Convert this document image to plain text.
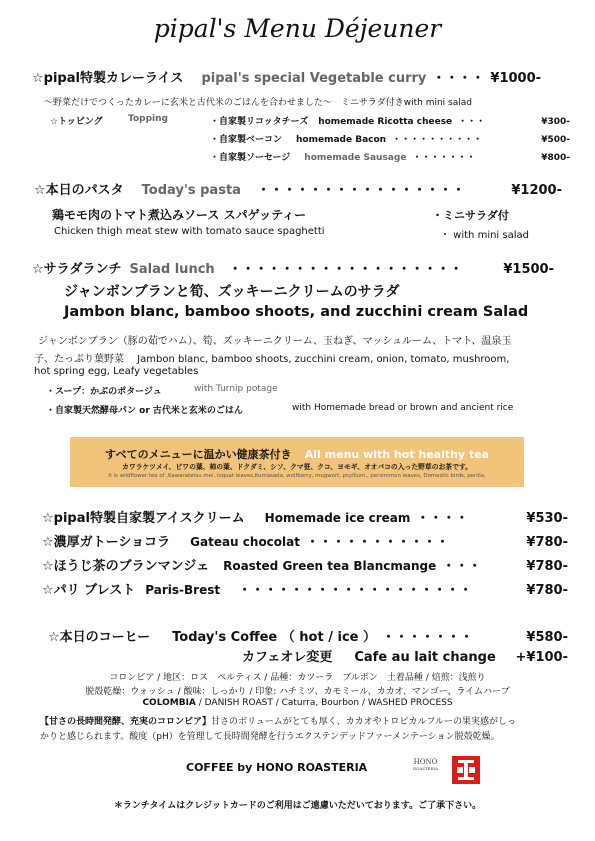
pipal's Menu Déjeuner
☆pipal特製カレーライス pipal's special Vegetable curry ・・・・ ¥1000-
〜野菜だけでつくったカレーに玄米と古代米のごはんを合わせました〜　ミニサラダ付きwith mini salad
☆トッピング	Topping	・自家製リコッタチーズ homemade Ricotta cheese ・・・	¥300-
・自家製ベーコン homemade Bacon ・・・・・・・・・・	¥500-
・自家製ソーセージ homemade Sausage ・・・・・・・	¥800-
☆本日のパスタ Today's pasta ・・・・・・・・・・・・・・・・	¥1200-
鶏モモ肉のトマト煮込みソース スパゲッティー	・ミニサラダ付
Chicken thigh meat stew with tomato sauce spaghetti	・ with mini salad
☆サラダランチ Salad lunch ・・・・・・・・・・・・・・・・・・	¥1500-
ジャンボンブランと筍、ズッキーニクリームのサラダ
Jambon blanc, bamboo shoots, and zucchini cream Salad
ジャンボンブラン（豚の茹でハム）、筍、ズッキーニクリーム、玉ねぎ、マッシュルーム、トマト、温泉玉
子、たっぷり葉野菜　 Jambon blanc, bamboo shoots, zucchini cream, onion, tomato, mushroom,
hot spring egg, Leafy vegetables
・スープ：かぶのポタージュ	with Turnip potage
・自家製天然酵母パン or 古代米と玄米のごはん	with Homemade bread or brown and ancient rice
すべてのメニューに温かい健康茶付き All menu with hot healthy tea
カワラケツメイ、ビワの葉、柿の葉、ドクダミ、シソ、クマ笹、クコ、ヨモギ、オオバコの入った野草のお茶です。
It is wildflower tea of ,Kawaratetsu mei, loquat leaves,Kumasada, wolfberry, mugwort, psyllium,, persimmon leaves, Domestic birds, perilla,
☆pipal特製自家製アイスクリーム Homemade ice cream ・・・・	¥530-
☆濃厚ガトーショコラ Gateau chocolat ・・・・・・・・・・・	¥780-
☆ほうじ茶のブランマンジェ Roasted Green tea Blancmange ・・・	¥780-
☆パリ ブレスト Paris-Brest ・・・・・・・・・・・・・・・・・・	¥780-
☆本日のコーヒー Today's Coffee （ hot / ice ） ・・・・・・・	¥580-
カフェオレ変更 Cafe au lait change +¥100-
コロンビア / 地区：ロス　ペルティス / 品種：カツーラ　ブルボン　土着品種 / 焙煎：浅煎り
脱殻乾燥：ウォッシュ / 酸味：しっかり / 印象: ハチミツ、カモミール、カカオ、マンゴー、ライムハーブ
COLOMBIA / DANISH ROAST / Caturra, Bourbon / WASHED PROCESS
【甘さの長時間発酵、充実のコロンビア】甘さのボリュームがとても厚く、カカオやトロピカルフルーの果実感がしっ
かりと感じられます。酸度（pH）を管理して長時間発酵を行うエクステンデッドファーメンテーション脱殻乾燥。
COFFEE by HONO ROASTERIA	HONO
ROASTERIA
＊ランチタイムはクレジットカードのご利用はご遠慮いただいております。ご了承下さい。
